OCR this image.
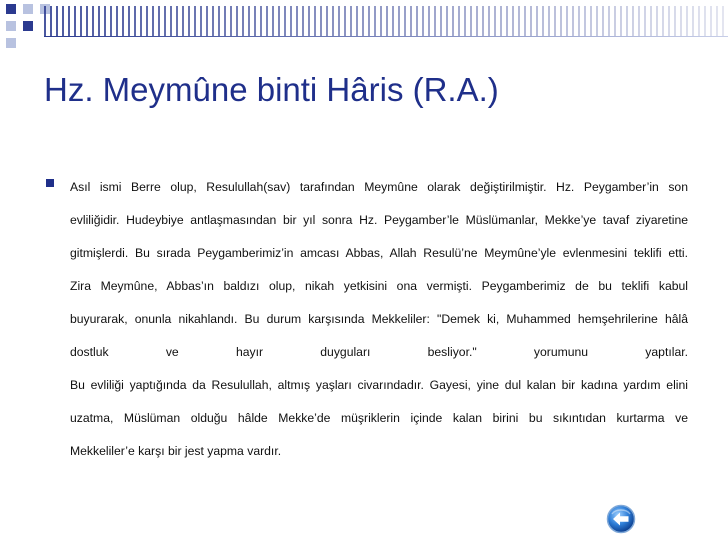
Hz. Meymûne binti Hâris (R.A.)

Asıl ismi Berre olup, Resulullah(sav) tarafından Meymûne olarak değiştirilmiştir. Hz. Peygamber’in son

evliliğidir. Hudeybiye antlaşmasından bir yıl sonra Hz. Peygamber’le Müslümanlar, Mekke’ye tavaf ziyaretine

gitmişlerdi. Bu sırada Peygamberimiz’in amcası Abbas, Allah Resulü’ne Meymûne’yle evlenmesini teklifi etti.

Zira Meymûne, Abbas’ın baldızı olup, nikah yetkisini ona vermişti. Peygamberimiz de bu teklifi kabul

buyurarak, onunla nikahlandı. Bu durum karşısında Mekkeliler: "Demek ki, Muhammed hemşehrilerine hâlâ

dostluk ve hayır duyguları besliyor." yorumunu yaptılar.

Bu evliliği yaptığında da Resulullah, altmış yaşları civarındadır. Gayesi, yine dul kalan bir kadına yardım elini

uzatma, Müslüman olduğu hâlde Mekke’de müşriklerin içinde kalan birini bu sıkıntıdan kurtarma ve

Mekkeliler’e karşı bir jest yapma vardır.
